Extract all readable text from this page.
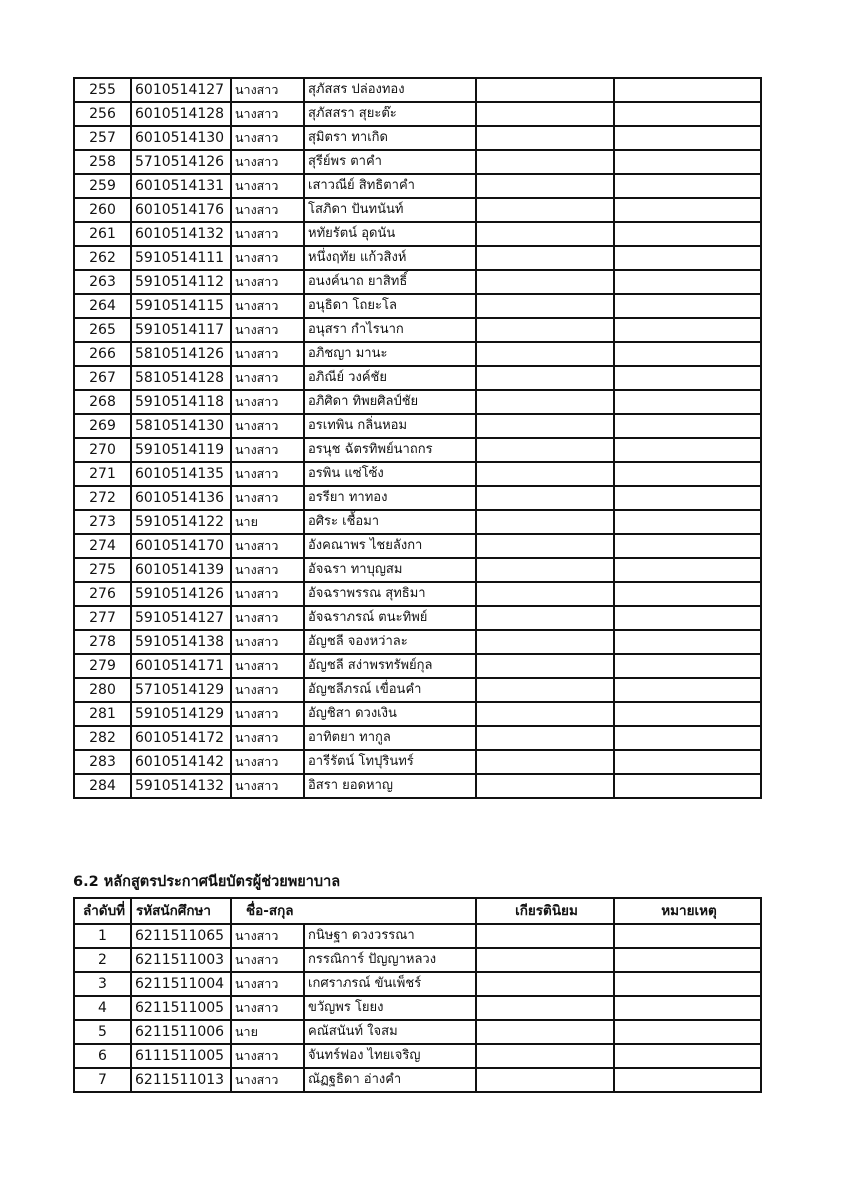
255	6010514127	นางสาว	สุภัสสร ปล่องทอง		
256	6010514128	นางสาว	สุภัสสรา สุยะต๊ะ		
257	6010514130	นางสาว	สุมิตรา ทาเกิด		
258	5710514126	นางสาว	สุรีย์พร ตาคำ		
259	6010514131	นางสาว	เสาวณีย์ สิทธิตาคำ		
260	6010514176	นางสาว	โสภิดา ปันทนันท์		
261	6010514132	นางสาว	หทัยรัตน์ อุดนัน		
262	5910514111	นางสาว	หนึ่งฤทัย แก้วสิงห์		
263	5910514112	นางสาว	อนงค์นาถ ยาสิทธิ์		
264	5910514115	นางสาว	อนุธิดา โถยะโล		
265	5910514117	นางสาว	อนุสรา กำไรนาก		
266	5810514126	นางสาว	อภิชญา มานะ		
267	5810514128	นางสาว	อภิณีย์ วงค์ชัย		
268	5910514118	นางสาว	อภิศิดา ทิพยศิลป์ชัย		
269	5810514130	นางสาว	อรเทพิน กลิ่นหอม		
270	5910514119	นางสาว	อรนุช ฉัตรทิพย์นาถกร		
271	6010514135	นางสาว	อรพิน แซ่โซ้ง		
272	6010514136	นางสาว	อรรียา ทาทอง		
273	5910514122	นาย	อศิระ เชื้อมา		
274	6010514170	นางสาว	อังคณาพร ไชยลังกา		
275	6010514139	นางสาว	อัจฉรา ทาบุญสม		
276	5910514126	นางสาว	อัจฉราพรรณ สุทธิมา		
277	5910514127	นางสาว	อัจฉราภรณ์ ตนะทิพย์		
278	5910514138	นางสาว	อัญชลี จองหว่าละ		
279	6010514171	นางสาว	อัญชลี สง่าพรทรัพย์กุล		
280	5710514129	นางสาว	อัญชลีภรณ์ เขื่อนคำ		
281	5910514129	นางสาว	อัญชิสา ดวงเงิน		
282	6010514172	นางสาว	อาทิตยา ทากูล		
283	6010514142	นางสาว	อารีรัตน์ โทปุรินทร์		
284	5910514132	นางสาว	อิสรา ยอดหาญ		
6.2 หลักสูตรประกาศนียบัตรผู้ช่วยพยาบาล
ลำดับที่	รหัสนักศึกษา	ชื่อ-สกุล		เกียรตินิยม	หมายเหตุ
1	6211511065	นางสาว	กนิษฐา ดวงวรรณา		
2	6211511003	นางสาว	กรรณิการ์ ปัญญาหลวง		
3	6211511004	นางสาว	เกศราภรณ์ ขันเพ็ชร์		
4	6211511005	นางสาว	ขวัญพร โยยง		
5	6211511006	นาย	คณัสนันท์ ใจสม		
6	6111511005	นางสาว	จันทร์ฟอง ไทยเจริญ		
7	6211511013	นางสาว	ณัฏฐธิดา อ่างคำ		
